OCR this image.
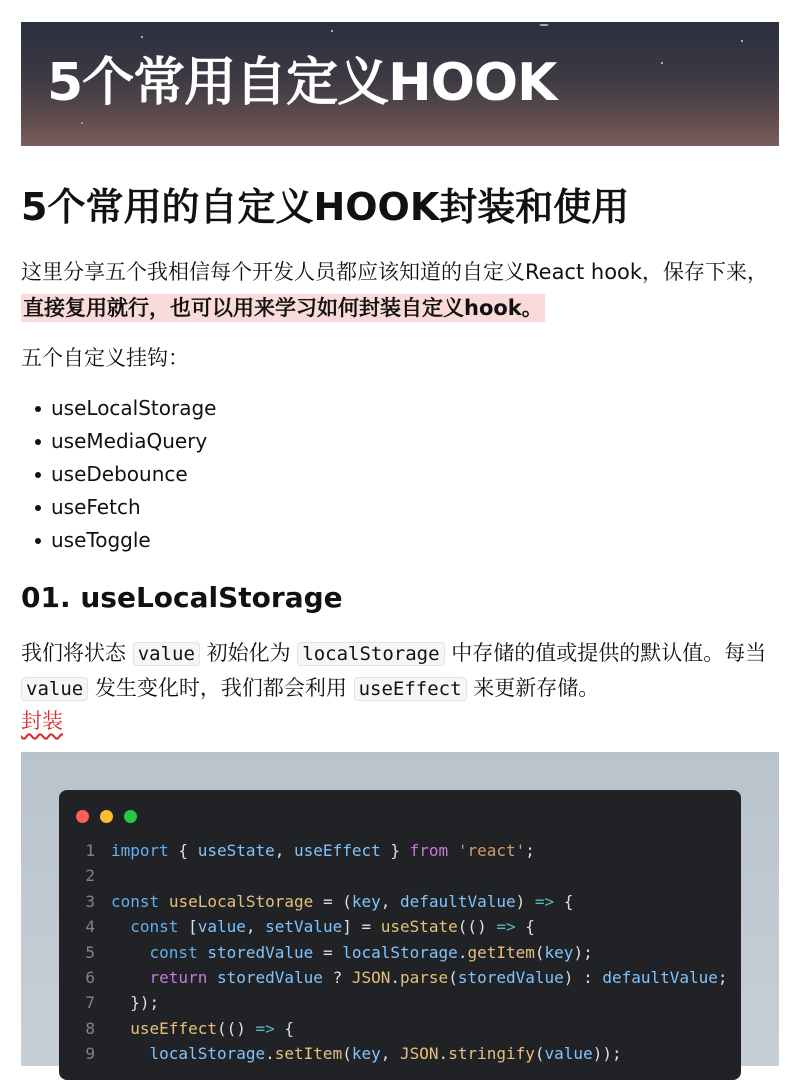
5个常用自定义HOOK
5个常用的自定义HOOK封装和使用
这里分享五个我相信每个开发人员都应该知道的自定义React hook，保存下来，直接复用就行，也可以用来学习如何封装自定义hook。
五个自定义挂钩：
useLocalStorage
useMediaQuery
useDebounce
useFetch
useToggle
01. useLocalStorage
我们将状态 value 初始化为 localStorage 中存储的值或提供的默认值。每当 value 发生变化时，我们都会利用 useEffect 来更新存储。
封装
1 import { useState, useEffect } from 'react';
2
3 const useLocalStorage = (key, defaultValue) => {
4	const [value, setValue] = useState(() => {
5	const storedValue = localStorage.getItem(key);
6	return storedValue ? JSON.parse(storedValue) : defaultValue;
7 });
8	useEffect(() => {
9	localStorage.setItem(key, JSON.stringify(value));
